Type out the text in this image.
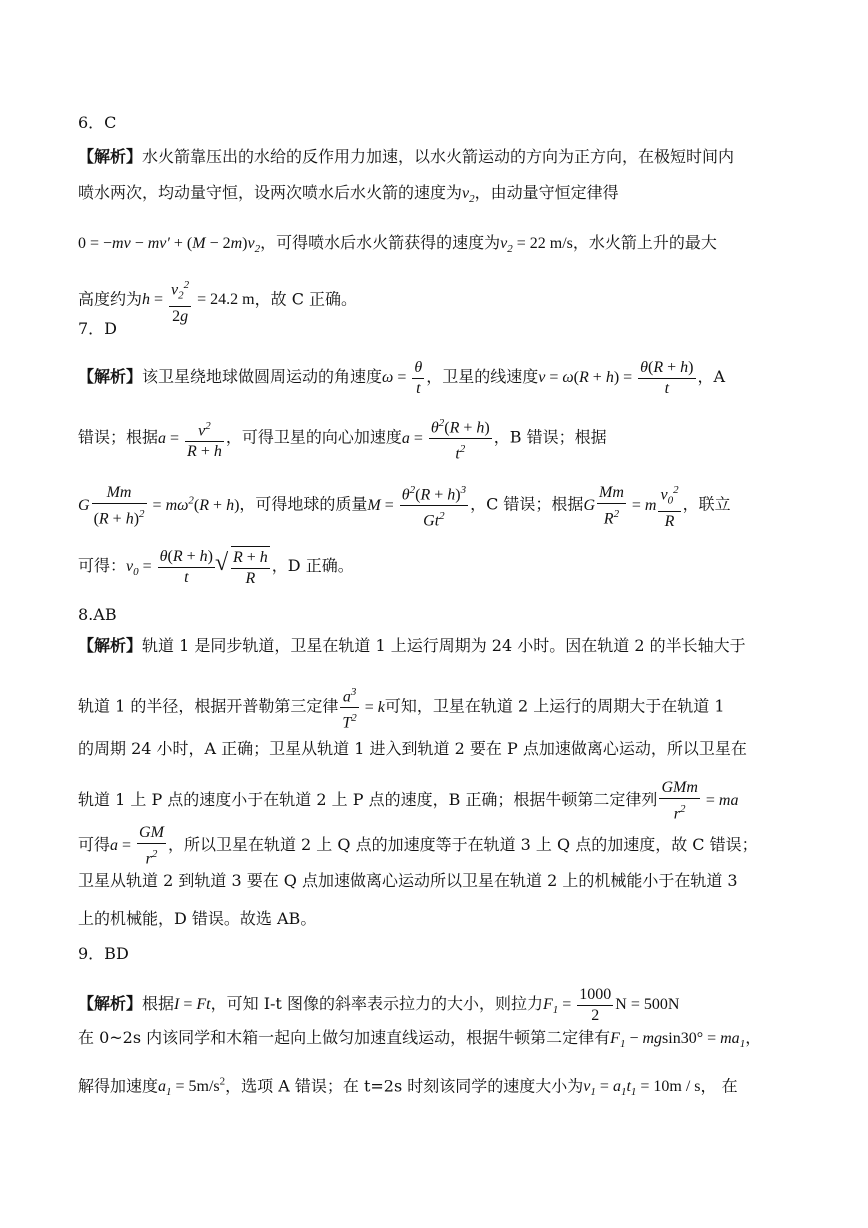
6．C
【解析】水火箭靠压出的水给的反作用力加速，以水火箭运动的方向为正方向，在极短时间内
喷水两次，均动量守恒，设两次喷水后水火箭的速度为$v_2$，由动量守恒定律得
$0 = -mv - mv' + (M - 2m)v_2$，可得喷水后水火箭获得的速度为$v_2 = 22$ m/s，水火箭上升的最大
高度约为$h = \frac{v_2^2}{2g} = 24.2$ m，故 C 正确。
7．D
【解析】该卫星绕地球做圆周运动的角速度$\omega = \frac{\theta}{t}$ ，卫星的线速度$v = \omega(R + h) = \frac{\theta(R + h)}{t}$ ，A
错误；根据$a = \frac{v^2}{R + h}$ ，可得卫星的向心加速度$a = \frac{\theta^2(R + h)}{t^2}$ ，B 错误；根据
G $\frac{Mm}{(R + h)^2} = m\omega^2(R + h)$，可得地球的质量$M = \frac{\theta^2(R + h)^3}{Gt^2}$ ，C 错误；根据G $\frac{Mm}{R^2} = m \frac{v_0^2}{R}$ ，联立
可得：$v_0 = \frac{\theta(R + h)}{t}$
√ $\frac{R + h}{R}$ ，D 正确。
8.AB
【解析】轨道 1 是同步轨道，卫星在轨道 1 上运行周期为 24 小时。因在轨道 2 的半长轴大于
轨道 1 的半径，根据开普勒第三定律 $\frac{a^3}{T^2} = k$可知，卫星在轨道 2 上运行的周期大于在轨道 1
的周期 24 小时，A 正确；卫星从轨道 1 进入到轨道 2 要在 P 点加速做离心运动，所以卫星在
轨道 1 上 P 点的速度小于在轨道 2 上 P 点的速度，B 正确；根据牛顿第二定律列 $\frac{\text{GMm}}{r^2}$ = ma
可得$a = \frac{GM}{r^2}$ ，所以卫星在轨道 2 上 Q 点的加速度等于在轨道 3 上 Q 点的加速度，故 C 错误；
卫星从轨道 2 到轨道 3 要在 Q 点加速做离心运动所以卫星在轨道 2 上的机械能小于在轨道 3
上的机械能，D 错误。故选 AB。
9．BD
【解析】根据I = Ft，可知 I-t 图像的斜率表示拉力的大小，则拉力$F_1 = \frac{1000}{2}$ N = 500N
在 0~2s 内该同学和木箱一起向上做匀加速直线运动，根据牛顿第二定律有$F_1 - mgsin30^\circ = ma_1$，
解得加速度$a_1 = 5m/s^2$，选项 A 错误；在 t=2s 时刻该同学的速度大小为$v_1 = a_1t_1 = 10m / s$， 在
